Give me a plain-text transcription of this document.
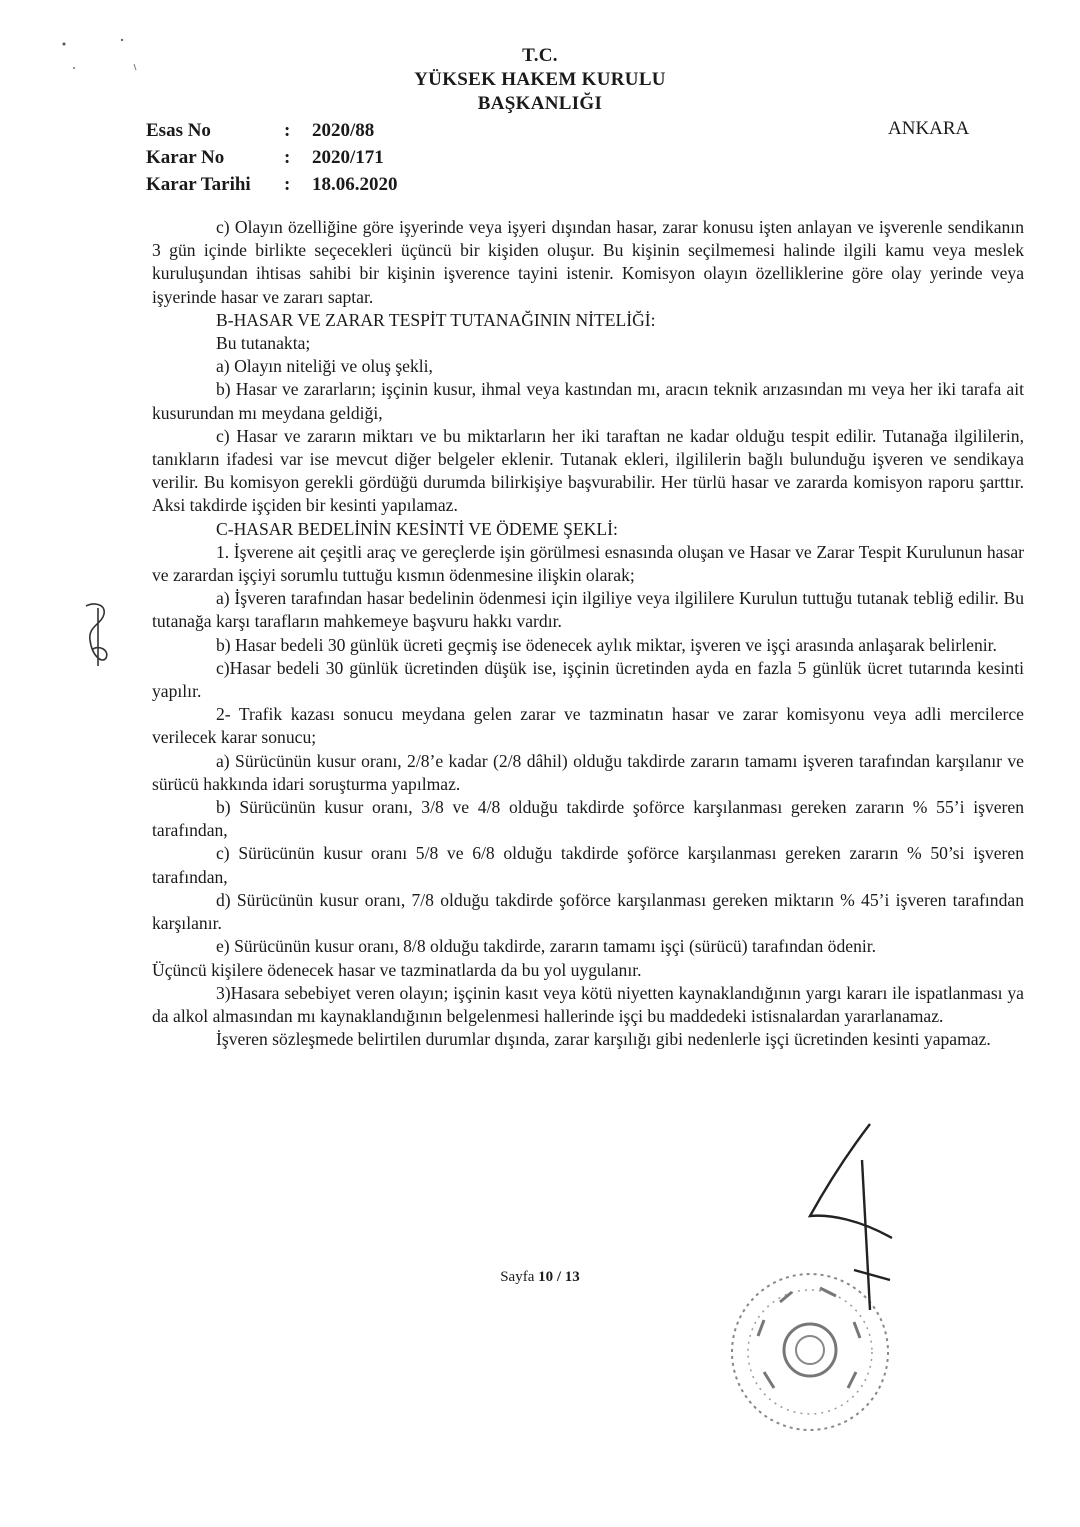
T.C.
YÜKSEK HAKEM KURULU
BAŞKANLIĞI
Esas No	:	2020/88
Karar No	:	2020/171
Karar Tarihi	:	18.06.2020
ANKARA

c) Olayın özelliğine göre işyerinde veya işyeri dışından hasar, zarar konusu işten anlayan ve işverenle sendikanın 3 gün içinde birlikte seçecekleri üçüncü bir kişiden oluşur. Bu kişinin seçilmemesi halinde ilgili kamu veya meslek kuruluşundan ihtisas sahibi bir kişinin işverence tayini istenir. Komisyon olayın özelliklerine göre olay yerinde veya işyerinde hasar ve zararı saptar.

B-HASAR VE ZARAR TESPİT TUTANAĞININ NİTELİĞİ:

Bu tutanakta;

a) Olayın niteliği ve oluş şekli,

b) Hasar ve zararların; işçinin kusur, ihmal veya kastından mı, aracın teknik arızasından mı veya her iki tarafa ait kusurundan mı meydana geldiği,

c) Hasar ve zararın miktarı ve bu miktarların her iki taraftan ne kadar olduğu tespit edilir. Tutanağa ilgililerin, tanıkların ifadesi var ise mevcut diğer belgeler eklenir. Tutanak ekleri, ilgililerin bağlı bulunduğu işveren ve sendikaya verilir. Bu komisyon gerekli gördüğü durumda bilirkişiye başvurabilir. Her türlü hasar ve zararda komisyon raporu şarttır. Aksi takdirde işçiden bir kesinti yapılamaz.

C-HASAR BEDELİNİN KESİNTİ VE ÖDEME ŞEKLİ:

1. İşverene ait çeşitli araç ve gereçlerde işin görülmesi esnasında oluşan ve Hasar ve Zarar Tespit Kurulunun hasar ve zarardan işçiyi sorumlu tuttuğu kısmın ödenmesine ilişkin olarak;

a) İşveren tarafından hasar bedelinin ödenmesi için ilgiliye veya ilgililere Kurulun tuttuğu tutanak tebliğ edilir. Bu tutanağa karşı tarafların mahkemeye başvuru hakkı vardır.

b) Hasar bedeli 30 günlük ücreti geçmiş ise ödenecek aylık miktar, işveren ve işçi arasında anlaşarak belirlenir.

c)Hasar bedeli 30 günlük ücretinden düşük ise, işçinin ücretinden ayda en fazla 5 günlük ücret tutarında kesinti yapılır.

2- Trafik kazası sonucu meydana gelen zarar ve tazminatın hasar ve zarar komisyonu veya adli mercilerce verilecek karar sonucu;

a) Sürücünün kusur oranı, 2/8’e kadar (2/8 dâhil) olduğu takdirde zararın tamamı işveren tarafından karşılanır ve sürücü hakkında idari soruşturma yapılmaz.

b) Sürücünün kusur oranı, 3/8 ve 4/8 olduğu takdirde şoförce karşılanması gereken zararın % 55’i işveren tarafından,

c) Sürücünün kusur oranı 5/8 ve 6/8 olduğu takdirde şoförce karşılanması gereken zararın % 50’si işveren tarafından,

d) Sürücünün kusur oranı, 7/8 olduğu takdirde şoförce karşılanması gereken miktarın % 45’i işveren tarafından karşılanır.

e) Sürücünün kusur oranı, 8/8 olduğu takdirde, zararın tamamı işçi (sürücü) tarafından ödenir.

Üçüncü kişilere ödenecek hasar ve tazminatlarda da bu yol uygulanır.

3)Hasara sebebiyet veren olayın; işçinin kasıt veya kötü niyetten kaynaklandığının yargı kararı ile ispatlanması ya da alkol almasından mı kaynaklandığının belgelenmesi hallerinde işçi bu maddedeki istisnalardan yararlanamaz.

İşveren sözleşmede belirtilen durumlar dışında, zarar karşılığı gibi nedenlerle işçi ücretinden kesinti yapamaz.

Sayfa 10 / 13
